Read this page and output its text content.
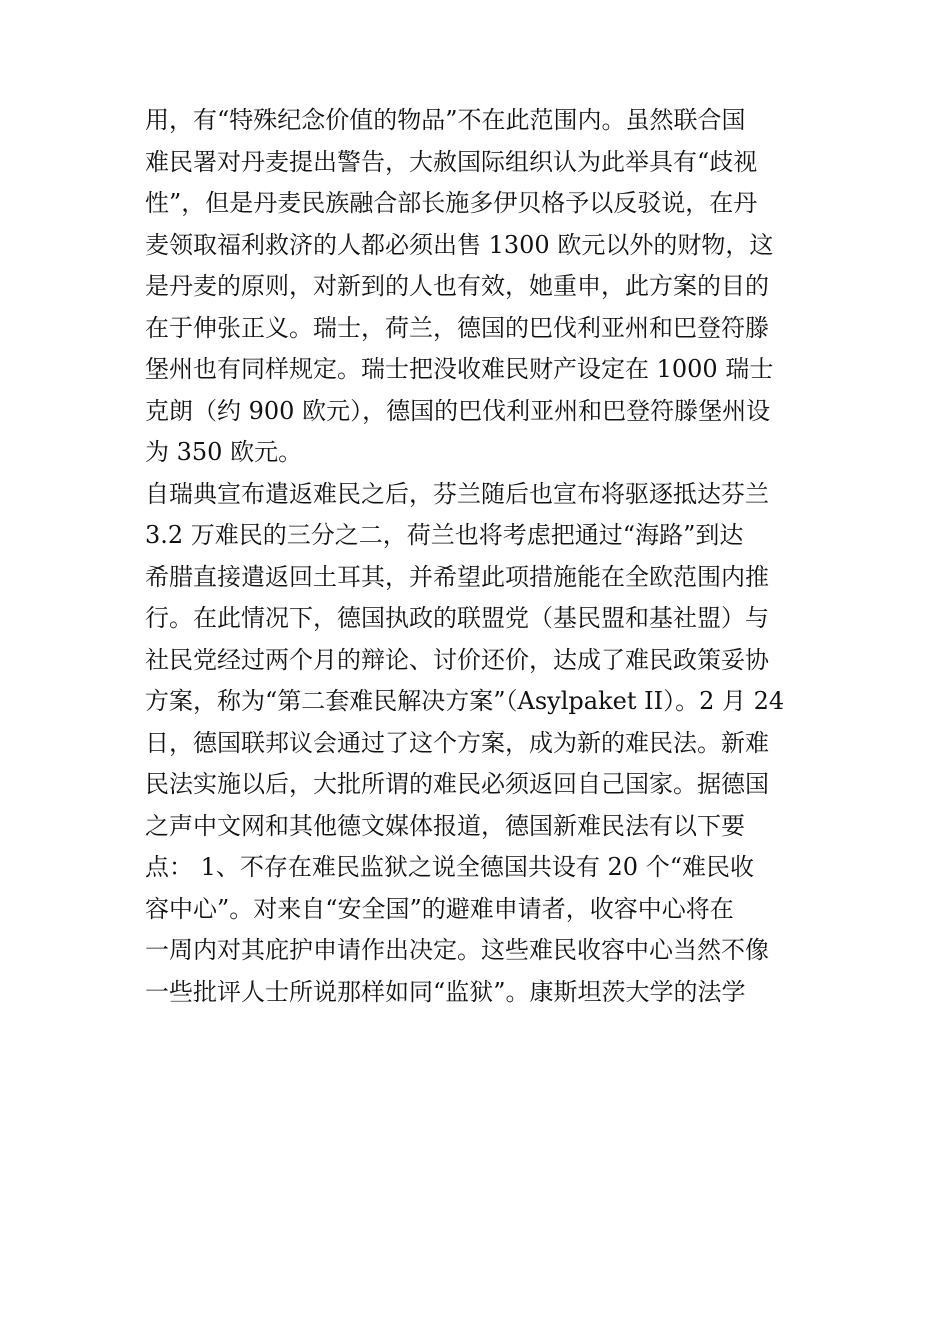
用，有“特殊纪念价值的物品”不在此范围内。虽然联合国
难民署对丹麦提出警告，大赦国际组织认为此举具有“歧视
性”，但是丹麦民族融合部长施多伊贝格予以反驳说，在丹
麦领取福利救济的人都必须出售 1300 欧元以外的财物，这
是丹麦的原则，对新到的人也有效，她重申，此方案的目的
在于伸张正义。瑞士，荷兰，德国的巴伐利亚州和巴登符滕
堡州也有同样规定。瑞士把没收难民财产设定在 1000 瑞士
克朗（约 900 欧元），德国的巴伐利亚州和巴登符滕堡州设
为 350 欧元。
自瑞典宣布遣返难民之后，芬兰随后也宣布将驱逐抵达芬兰
3.2 万难民的三分之二，荷兰也将考虑把通过“海路”到达
希腊直接遣返回土耳其，并希望此项措施能在全欧范围内推
行。在此情况下，德国执政的联盟党（基民盟和基社盟）与
社民党经过两个月的辩论、讨价还价，达成了难民政策妥协
方案，称为“第二套难民解决方案”（Asylpaket II）。2 月 24
日，德国联邦议会通过了这个方案，成为新的难民法。新难
民法实施以后，大批所谓的难民必须返回自己国家。据德国
之声中文网和其他德文媒体报道，德国新难民法有以下要
点： 1、不存在难民监狱之说全德国共设有 20 个“难民收
容中心”。对来自“安全国”的避难申请者，收容中心将在
一周内对其庇护申请作出决定。这些难民收容中心当然不像
一些批评人士所说那样如同“监狱”。康斯坦茨大学的法学
